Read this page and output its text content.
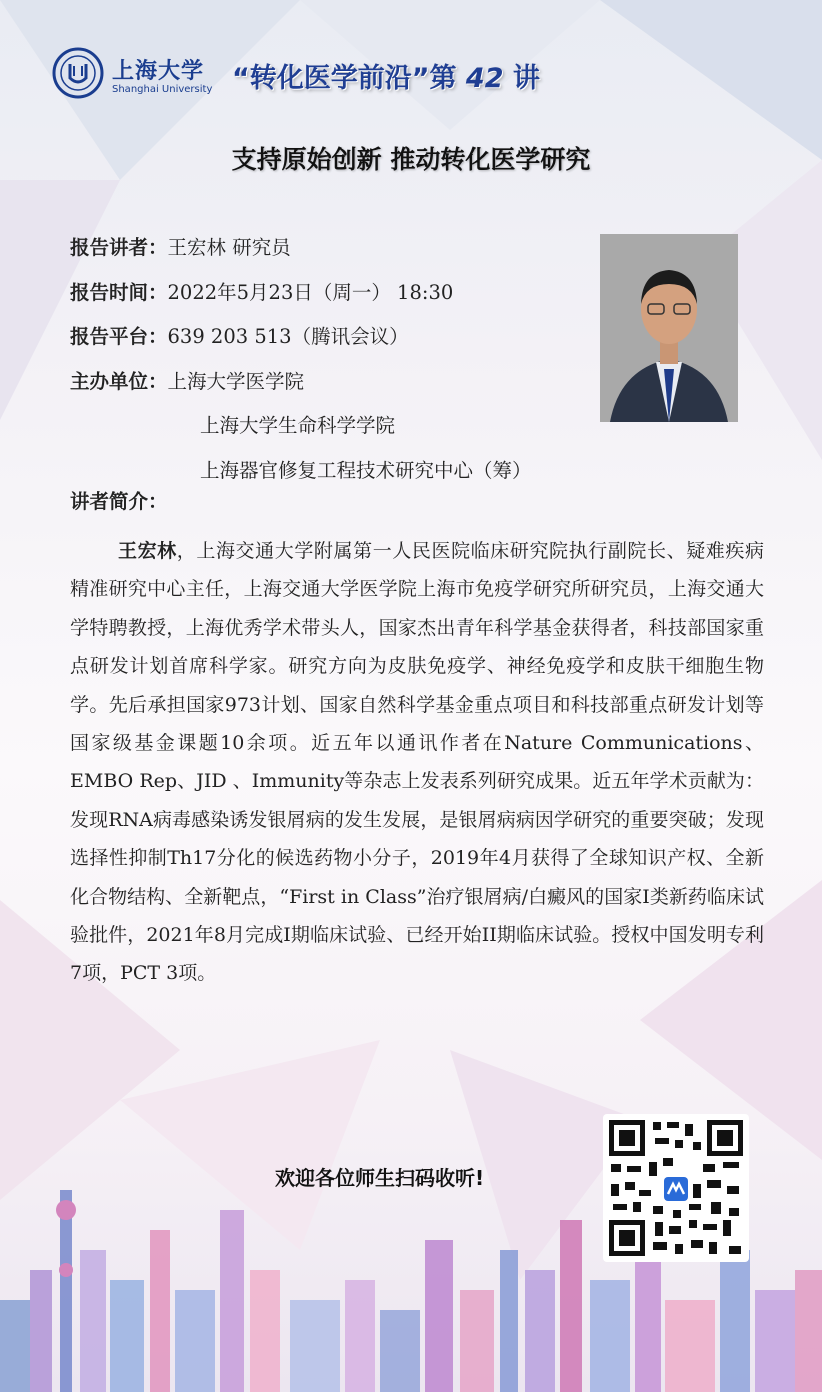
上海大学
Shanghai University “转化医学前沿”第 42 讲
支持原始创新 推动转化医学研究
报告讲者：王宏林 研究员
报告时间：2022年5月23日（周一） 18:30
报告平台：639 203 513（腾讯会议）
主办单位：上海大学医学院
上海大学生命科学学院
上海器官修复工程技术研究中心（筹）
讲者简介：
王宏林，上海交通大学附属第一人民医院临床研究院执行副院长、疑难疾病精准研究中心主任，上海交通大学医学院上海市免疫学研究所研究员，上海交通大学特聘教授，上海优秀学术带头人，国家杰出青年科学基金获得者，科技部国家重点研发计划首席科学家。研究方向为皮肤免疫学、神经免疫学和皮肤干细胞生物学。先后承担国家973计划、国家自然科学基金重点项目和科技部重点研发计划等国家级基金课题10余项。近五年以通讯作者在Nature Communications、 EMBO Rep、JID 、Immunity等杂志上发表系列研究成果。近五年学术贡献为：发现RNA病毒感染诱发银屑病的发生发展，是银屑病病因学研究的重要突破；发现选择性抑制Th17分化的候选药物小分子，2019年4月获得了全球知识产权、全新化合物结构、全新靶点，“First in Class”治疗银屑病/白癜风的国家I类新药临床试验批件，2021年8月完成I期临床试验、已经开始II期临床试验。授权中国发明专利7项，PCT 3项。
欢迎各位师生扫码收听!
